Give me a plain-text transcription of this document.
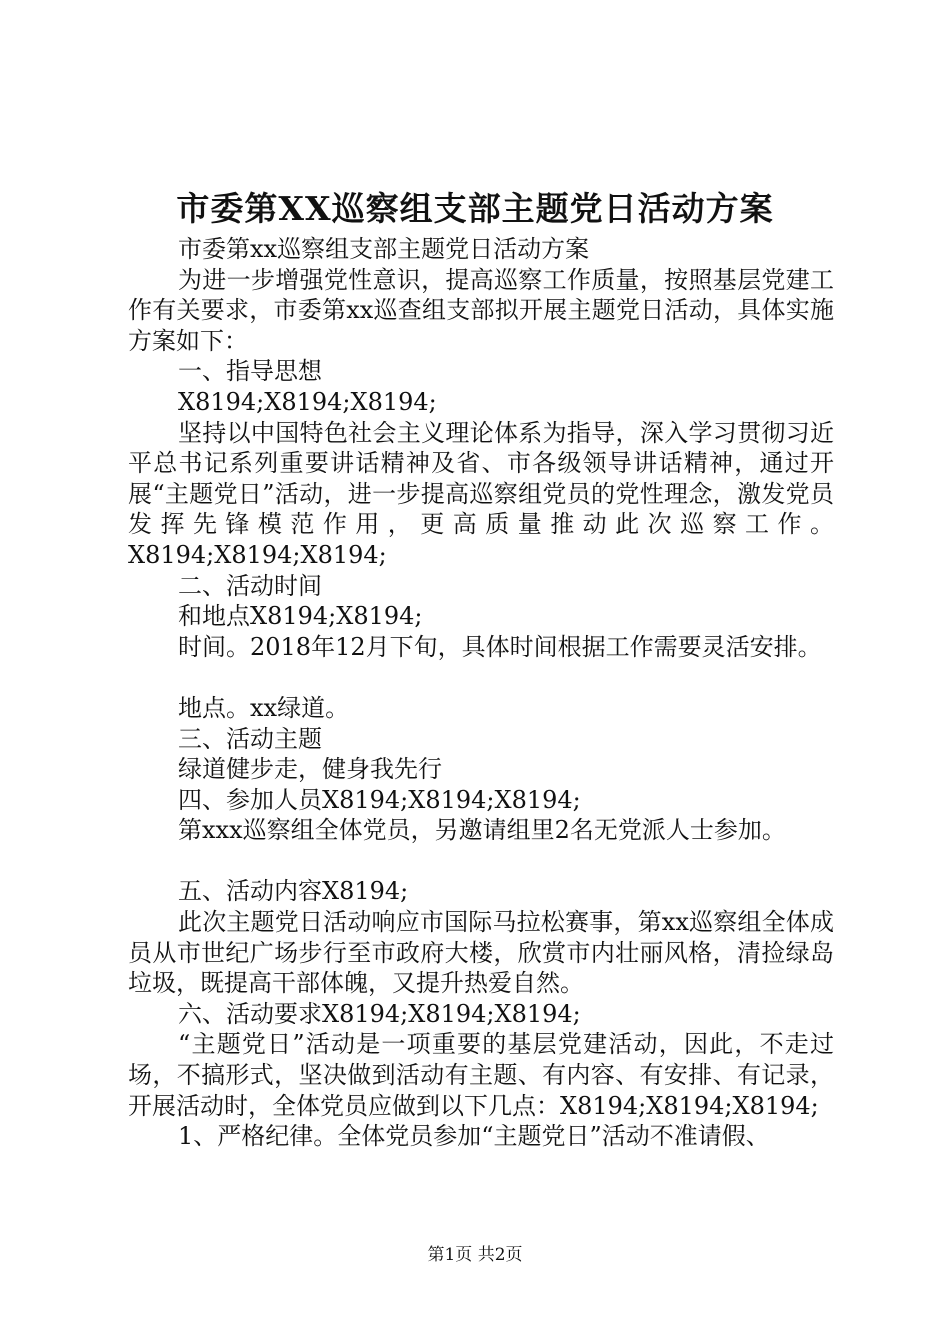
市委第XX巡察组支部主题党日活动方案

市委第xx巡察组支部主题党日活动方案

为进一步增强党性意识，提高巡察工作质量，按照基层党建工作有关要求，市委第xx巡查组支部拟开展主题党日活动，具体实施方案如下：

一、指导思想

X8194;X8194;X8194;

坚持以中国特色社会主义理论体系为指导，深入学习贯彻习近平总书记系列重要讲话精神及省、市各级领导讲话精神，通过开展“主题党日”活动，进一步提高巡察组党员的党性理念，激发党员发挥先锋模范作用，更高质量推动此次巡察工作。X8194;X8194;X8194;

二、活动时间

和地点X8194;X8194;

时间。2018年12月下旬，具体时间根据工作需要灵活安排。

地点。xx绿道。

三、活动主题

绿道健步走，健身我先行

四、参加人员X8194;X8194;X8194;

第xxx巡察组全体党员，另邀请组里2名无党派人士参加。

五、活动内容X8194;

此次主题党日活动响应市国际马拉松赛事，第xx巡察组全体成员从市世纪广场步行至市政府大楼，欣赏市内壮丽风格，清捡绿岛垃圾，既提高干部体魄，又提升热爱自然。

六、活动要求X8194;X8194;X8194;

“主题党日”活动是一项重要的基层党建活动，因此，不走过场，不搞形式，坚决做到活动有主题、有内容、有安排、有记录，开展活动时，全体党员应做到以下几点：X8194;X8194;X8194;

1、严格纪律。全体党员参加“主题党日”活动不准请假、

第1页 共2页
